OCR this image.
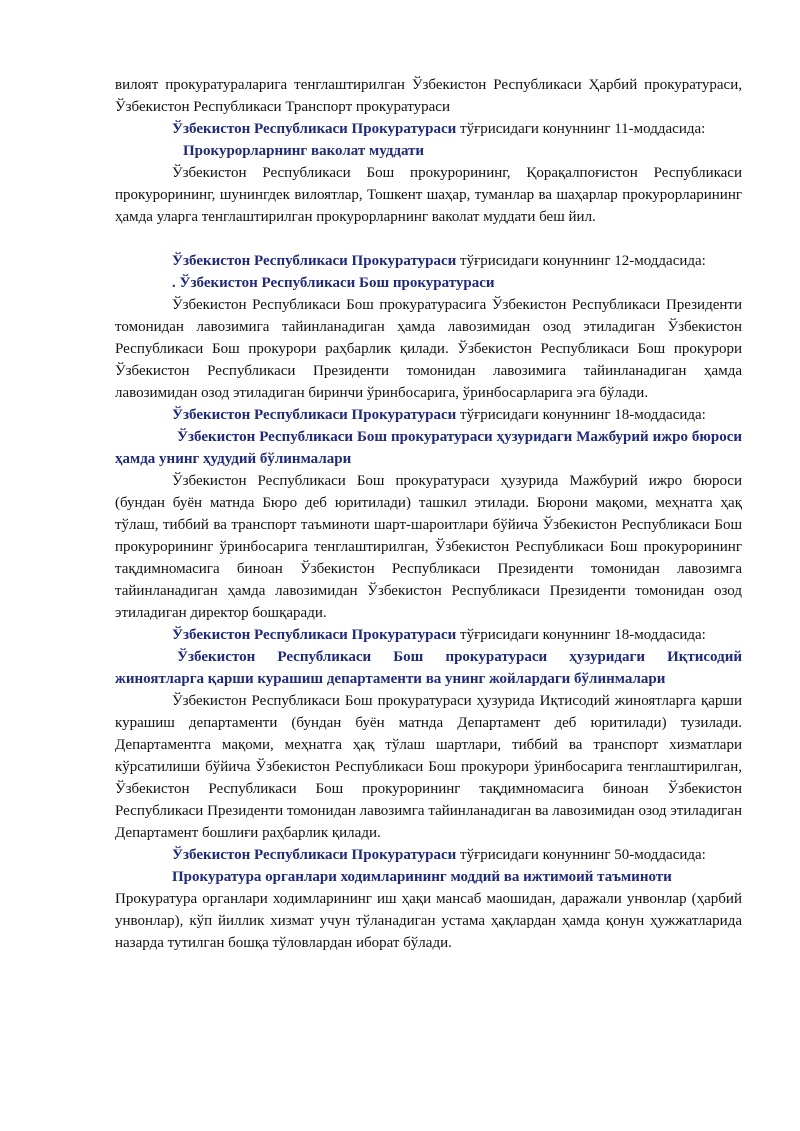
вилоят прокуратураларига тенглаштирилган Ўзбекистон Республикаси Ҳарбий прокуратураси, Ўзбекистон Республикаси Транспорт прокуратураси

Ўзбекистон Республикаси Прокуратураси тўғрисидаги конуннинг 11-моддасида:

Прокурорларнинг ваколат муддати

Ўзбекистон Республикаси Бош прокурорининг, Қорақалпоғистон Республикаси прокурорининг, шунингдек вилоятлар, Тошкент шаҳар, туманлар ва шаҳарлар прокурорларининг ҳамда уларга тенглаштирилган прокурорларнинг ваколат муддати беш йил.

Ўзбекистон Республикаси Прокуратураси тўғрисидаги конуннинг 12-моддасида:

. Ўзбекистон Республикаси Бош прокуратураси

Ўзбекистон Республикаси Бош прокуратурасига Ўзбекистон Республикаси Президенти томонидан лавозимига тайинланадиган ҳамда лавозимидан озод этиладиган Ўзбекистон Республикаси Бош прокурори раҳбарлик қилади. Ўзбекистон Республикаси Бош прокурори Ўзбекистон Республикаси Президенти томонидан лавозимига тайинланадиган ҳамда лавозимидан озод этиладиган биринчи ўринбосарига, ўринбосарларига эга бўлади.

Ўзбекистон Республикаси Прокуратураси тўғрисидаги конуннинг 18-моддасида:

Ўзбекистон Республикаси Бош прокуратураси ҳузуридаги Мажбурий ижро бюроси ҳамда унинг ҳудудий бўлинмалари

Ўзбекистон Республикаси Бош прокуратураси ҳузурида Мажбурий ижро бюроси (бундан буён матнда Бюро деб юритилади) ташкил этилади. Бюрони мақоми, меҳнатга ҳақ тўлаш, тиббий ва транспорт таъминоти шарт-шароитлари бўйича Ўзбекистон Республикаси Бош прокурорининг ўринбосарига тенглаштирилган, Ўзбекистон Республикаси Бош прокурорининг тақдимномасига биноан Ўзбекистон Республикаси Президенти томонидан лавозимга тайинланадиган ҳамда лавозимидан Ўзбекистон Республикаси Президенти томонидан озод этиладиган директор бошқаради.

Ўзбекистон Республикаси Прокуратураси тўғрисидаги конуннинг 18-моддасида:

Ўзбекистон Республикаси Бош прокуратураси ҳузуридаги Иқтисодий жиноятларга қарши курашиш департаменти ва унинг жойлардаги бўлинмалари

Ўзбекистон Республикаси Бош прокуратураси ҳузурида Иқтисодий жиноятларга қарши курашиш департаменти (бундан буён матнда Департамент деб юритилади) тузилади. Департаментга мақоми, меҳнатга ҳақ тўлаш шартлари, тиббий ва транспорт хизматлари кўрсатилиши бўйича Ўзбекистон Республикаси Бош прокурори ўринбосарига тенглаштирилган, Ўзбекистон Республикаси Бош прокурорининг тақдимномасига биноан Ўзбекистон Республикаси Президенти томонидан лавозимга тайинланадиган ва лавозимидан озод этиладиган Департамент бошлиғи раҳбарлик қилади.

Ўзбекистон Республикаси Прокуратураси тўғрисидаги конуннинг 50-моддасида:

Прокуратура органлари ходимларининг моддий ва ижтимоий таъминоти

Прокуратура органлари ходимларининг иш ҳақи мансаб маошидан, даражали унвонлар (ҳарбий унвонлар), кўп йиллик хизмат учун тўланадиган устама ҳақлардан ҳамда қонун ҳужжатларида назарда тутилган бошқа тўловлардан иборат бўлади.
